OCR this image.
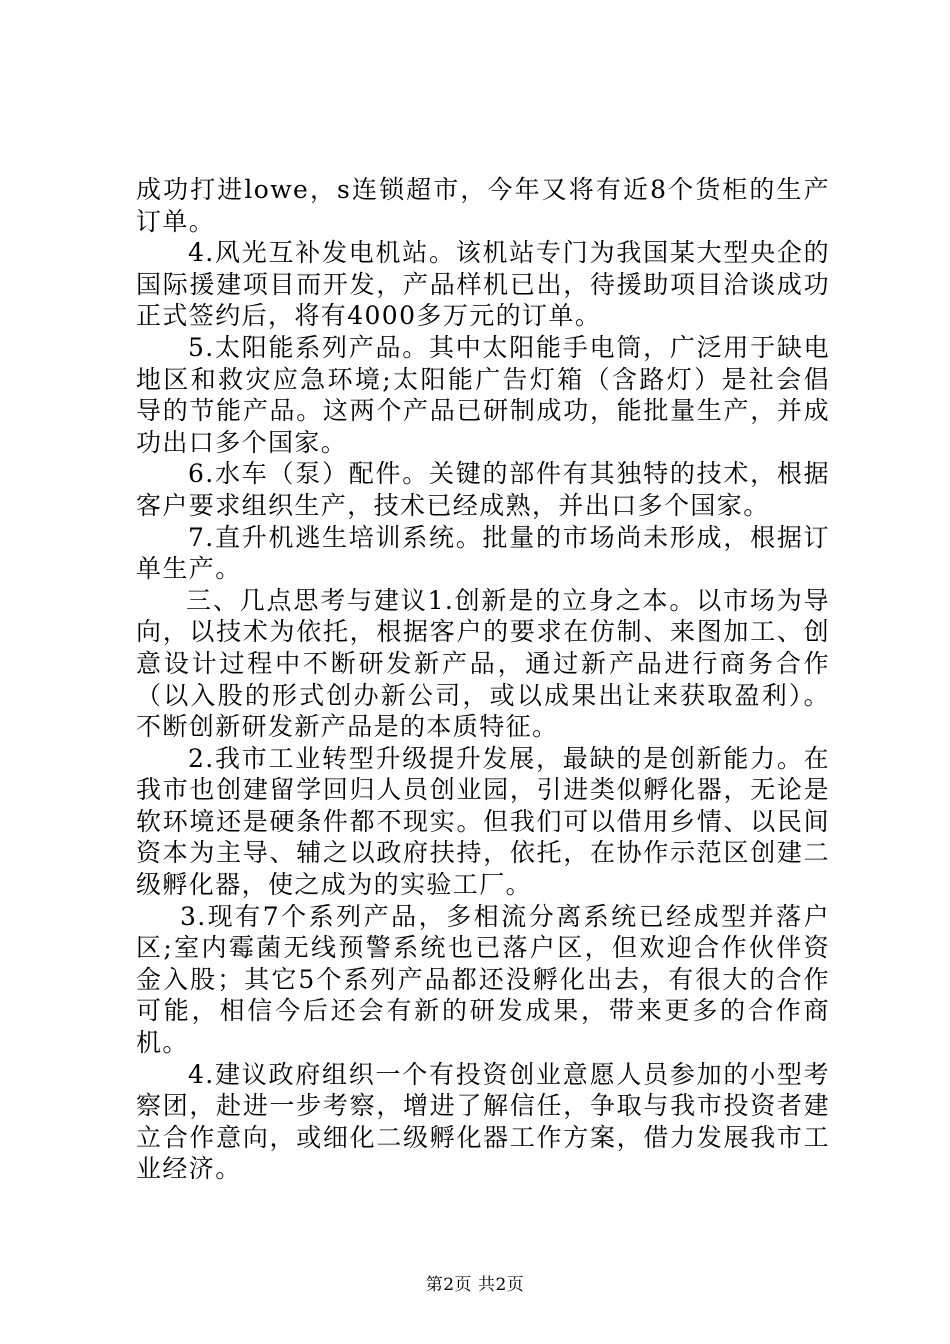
成功打进lowe，s连锁超市，今年又将有近8个货柜的生产订单。

4.风光互补发电机站。该机站专门为我国某大型央企的国际援建项目而开发，产品样机已出，待援助项目洽谈成功正式签约后，将有4000多万元的订单。

5.太阳能系列产品。其中太阳能手电筒，广泛用于缺电地区和救灾应急环境;太阳能广告灯箱（含路灯）是社会倡导的节能产品。这两个产品已研制成功，能批量生产，并成功出口多个国家。

6.水车（泵）配件。关键的部件有其独特的技术，根据客户要求组织生产，技术已经成熟，并出口多个国家。

7.直升机逃生培训系统。批量的市场尚未形成，根据订单生产。

三、几点思考与建议1.创新是的立身之本。以市场为导向，以技术为依托，根据客户的要求在仿制、来图加工、创意设计过程中不断研发新产品，通过新产品进行商务合作（以入股的形式创办新公司，或以成果出让来获取盈利）。不断创新研发新产品是的本质特征。

2.我市工业转型升级提升发展，最缺的是创新能力。在我市也创建留学回归人员创业园，引进类似孵化器，无论是软环境还是硬条件都不现实。但我们可以借用乡情、以民间资本为主导、辅之以政府扶持，依托，在协作示范区创建二级孵化器，使之成为的实验工厂。

3.现有7个系列产品，多相流分离系统已经成型并落户区;室内霉菌无线预警系统也已落户区，但欢迎合作伙伴资金入股；其它5个系列产品都还没孵化出去，有很大的合作可能，相信今后还会有新的研发成果，带来更多的合作商机。

4.建议政府组织一个有投资创业意愿人员参加的小型考察团，赴进一步考察，增进了解信任，争取与我市投资者建立合作意向，或细化二级孵化器工作方案，借力发展我市工业经济。

第2页 共2页
